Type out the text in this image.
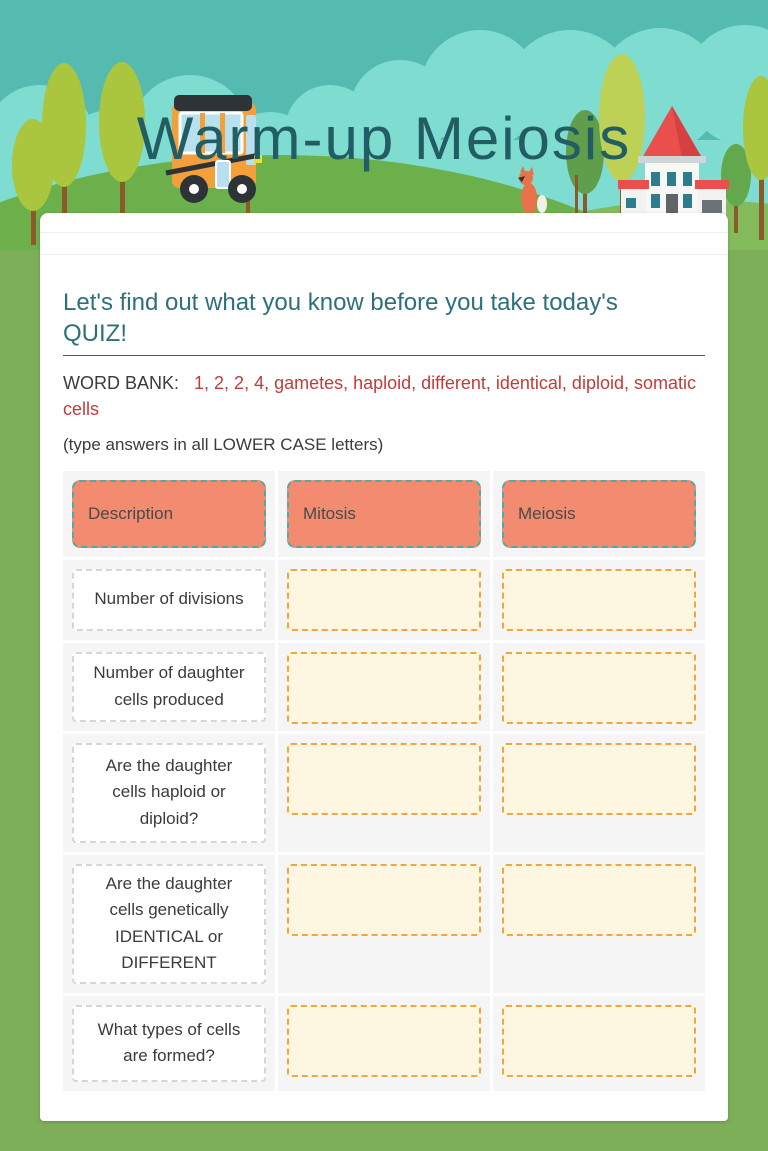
Warm-up Meiosis
Let's find out what you know before you take today's QUIZ!

WORD BANK: 1, 2, 2, 4, gametes, haploid, different, identical, diploid, somatic cells

(type answers in all LOWER CASE letters)

Description	Mitosis	Meiosis
Number of divisions
Number of daughter cells produced
Are the daughter cells haploid or diploid?
Are the daughter cells genetically IDENTICAL or DIFFERENT
What types of cells are formed?
